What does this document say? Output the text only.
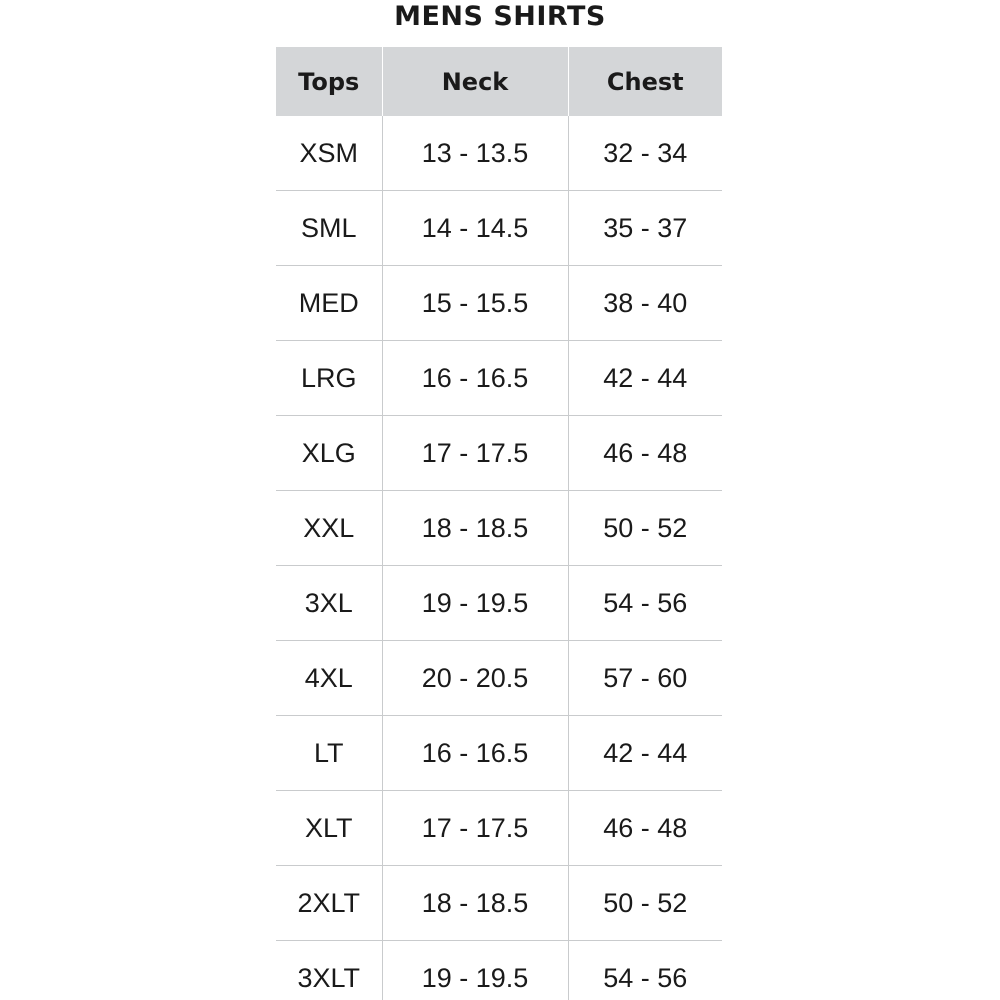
MENS SHIRTS
Tops	Neck	Chest
XSM	13 - 13.5	32 - 34
SML	14 - 14.5	35 - 37
MED	15 - 15.5	38 - 40
LRG	16 - 16.5	42 - 44
XLG	17 - 17.5	46 - 48
XXL	18 - 18.5	50 - 52
3XL	19 - 19.5	54 - 56
4XL	20 - 20.5	57 - 60
LT	16 - 16.5	42 - 44
XLT	17 - 17.5	46 - 48
2XLT	18 - 18.5	50 - 52
3XLT	19 - 19.5	54 - 56
